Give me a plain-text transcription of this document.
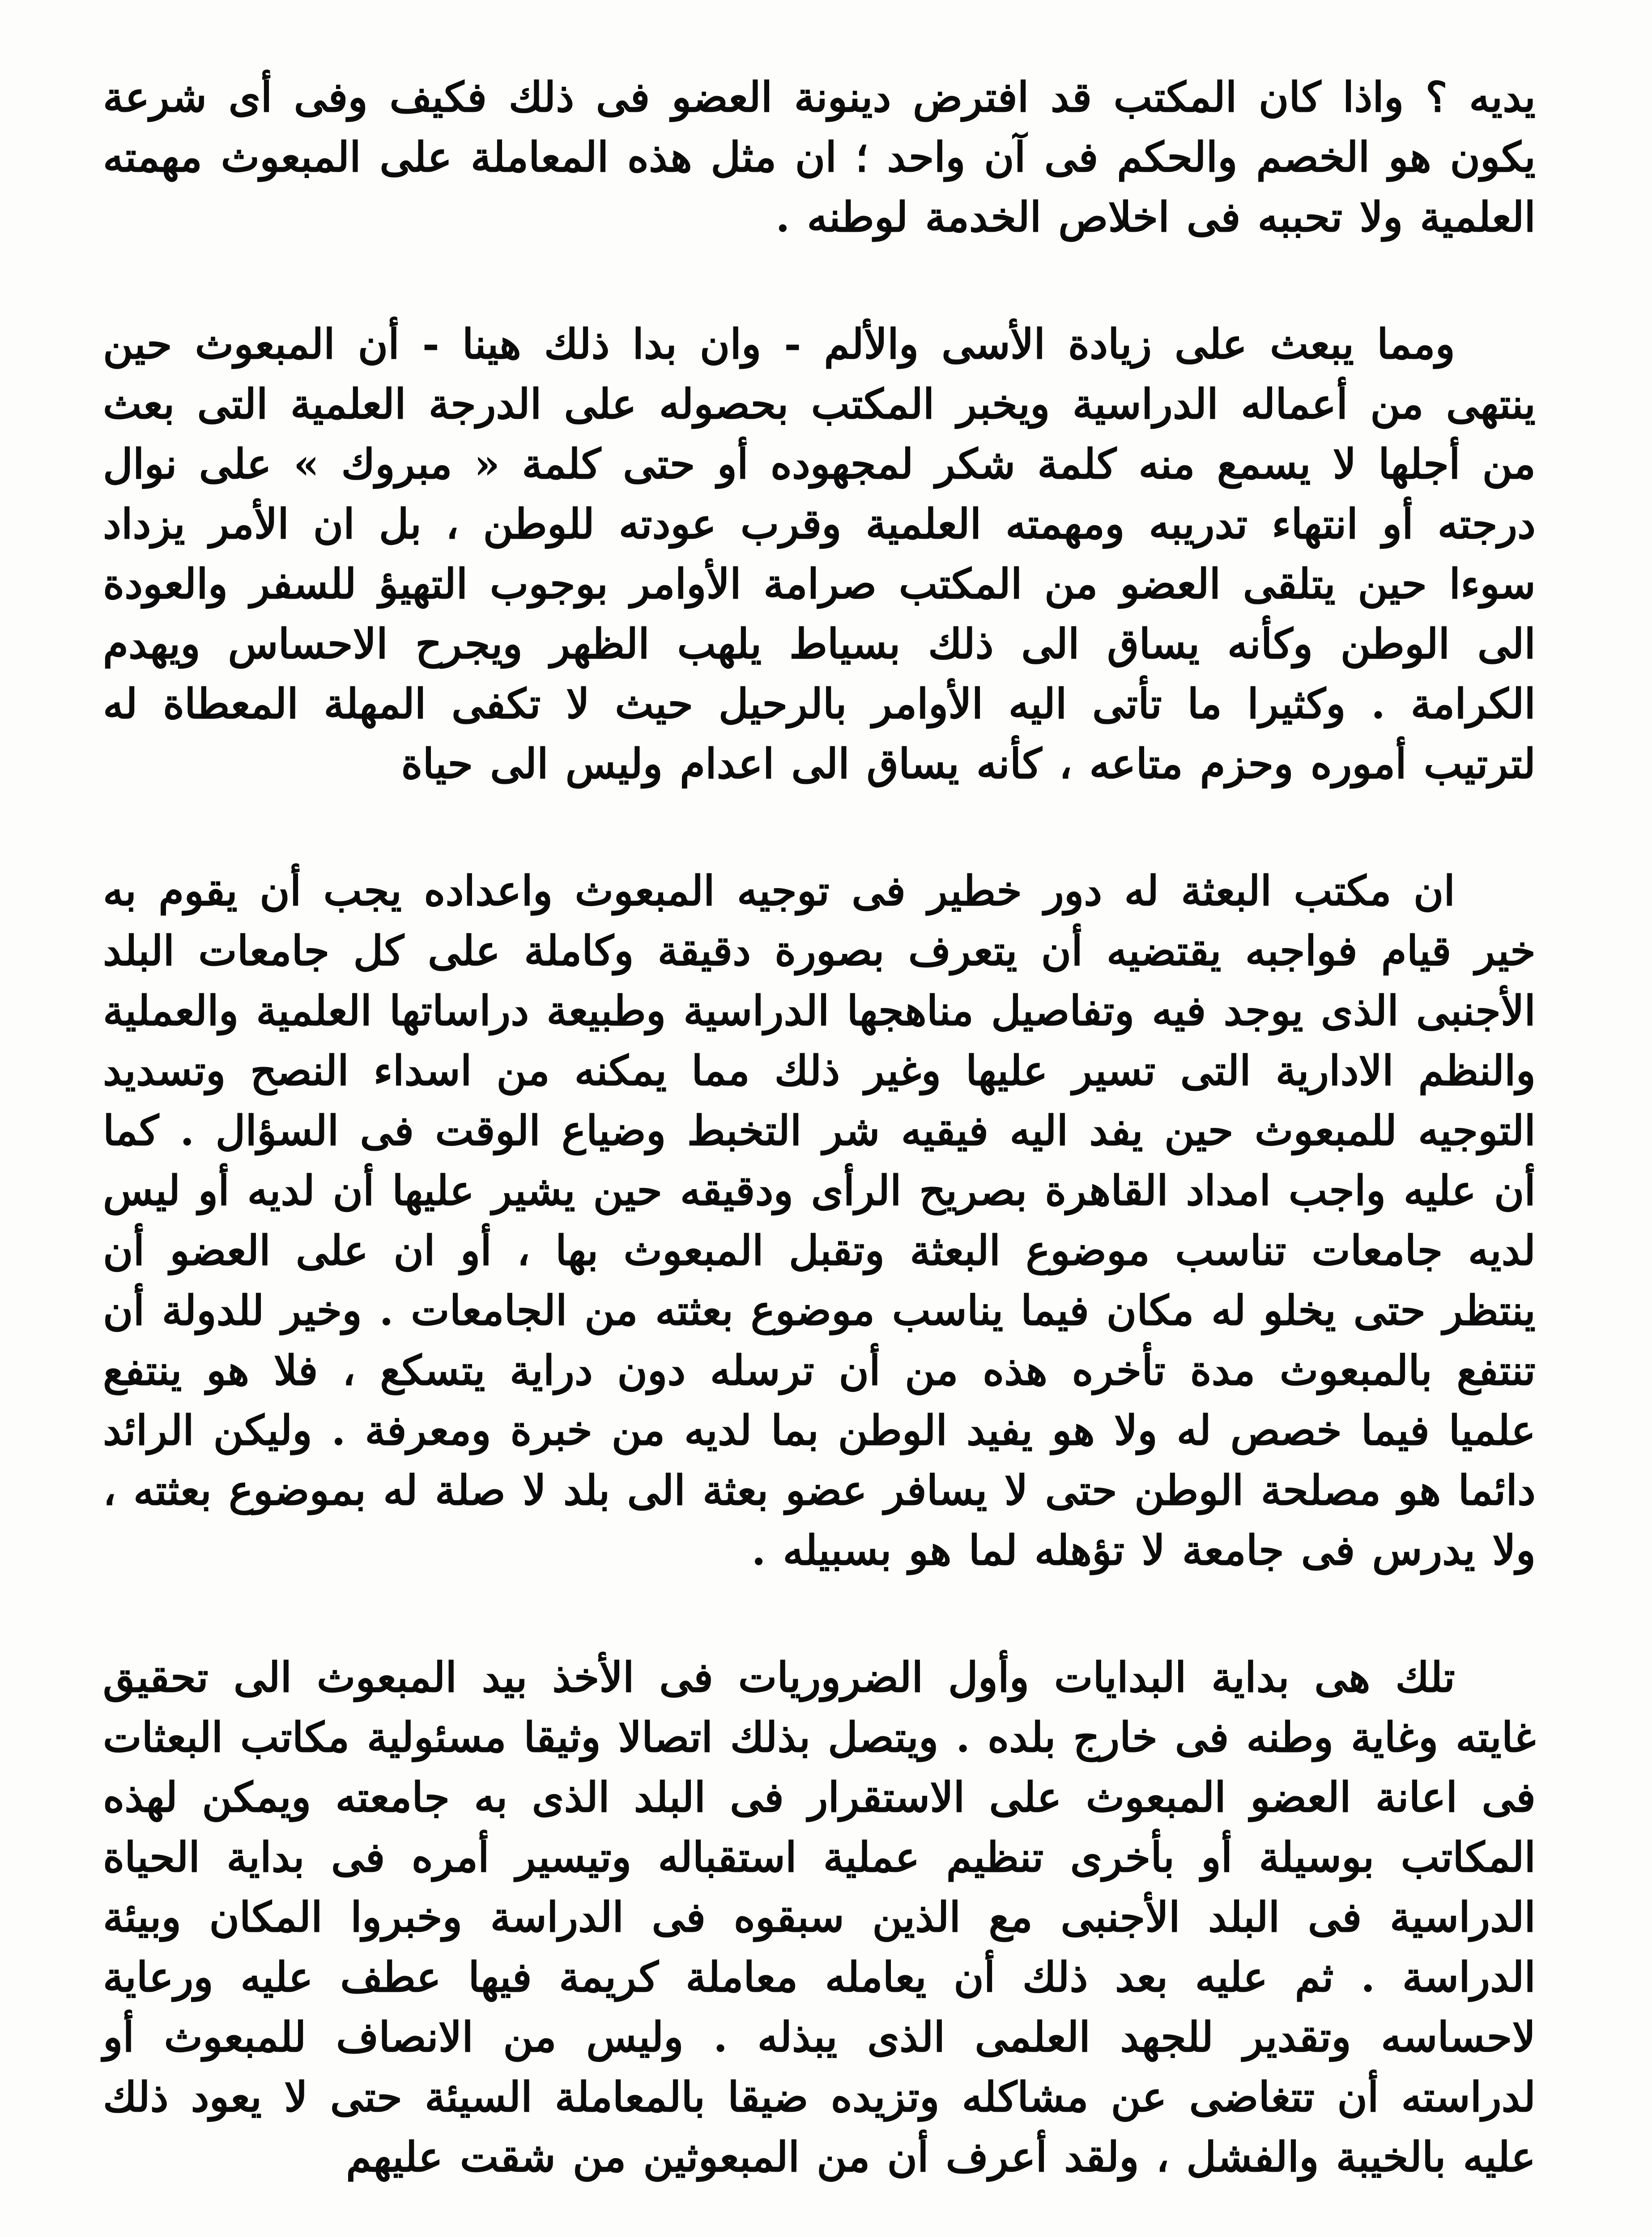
يديه ؟ واذا كان المكتب قد افترض دينونة العضو فى ذلك فكيف وفى أى شرعة يكون هو الخصم والحكم فى آن واحد ؛ ان مثل هذه المعاملة على المبعوث مهمته العلمية ولا تحببه فى اخلاص الخدمة لوطنه .

ومما يبعث على زيادة الأسى والألم - وان بدا ذلك هينا - أن المبعوث حين ينتهى من أعماله الدراسية ويخبر المكتب بحصوله على الدرجة العلمية التى بعث من أجلها لا يسمع منه كلمة شكر لمجهوده أو حتى كلمة « مبروك » على نوال درجته أو انتهاء تدريبه ومهمته العلمية وقرب عودته للوطن ، بل ان الأمر يزداد سوءا حين يتلقى العضو من المكتب صرامة الأوامر بوجوب التهيؤ للسفر والعودة الى الوطن وكأنه يساق الى ذلك بسياط يلهب الظهر ويجرح الاحساس ويهدم الكرامة . وكثيرا ما تأتى اليه الأوامر بالرحيل حيث لا تكفى المهلة المعطاة له لترتيب أموره وحزم متاعه ، كأنه يساق الى اعدام وليس الى حياة

ان مكتب البعثة له دور خطير فى توجيه المبعوث واعداده يجب أن يقوم به خير قيام فواجبه يقتضيه أن يتعرف بصورة دقيقة وكاملة على كل جامعات البلد الأجنبى الذى يوجد فيه وتفاصيل مناهجها الدراسية وطبيعة دراساتها العلمية والعملية والنظم الادارية التى تسير عليها وغير ذلك مما يمكنه من اسداء النصح وتسديد التوجيه للمبعوث حين يفد اليه فيقيه شر التخبط وضياع الوقت فى السؤال . كما أن عليه واجب امداد القاهرة بصريح الرأى ودقيقه حين يشير عليها أن لديه أو ليس لديه جامعات تناسب موضوع البعثة وتقبل المبعوث بها ، أو ان على العضو أن ينتظر حتى يخلو له مكان فيما يناسب موضوع بعثته من الجامعات . وخير للدولة أن تنتفع بالمبعوث مدة تأخره هذه من أن ترسله دون دراية يتسكع ، فلا هو ينتفع علميا فيما خصص له ولا هو يفيد الوطن بما لديه من خبرة ومعرفة . وليكن الرائد دائما هو مصلحة الوطن حتى لا يسافر عضو بعثة الى بلد لا صلة له بموضوع بعثته ، ولا يدرس فى جامعة لا تؤهله لما هو بسبيله .

تلك هى بداية البدايات وأول الضروريات فى الأخذ بيد المبعوث الى تحقيق غايته وغاية وطنه فى خارج بلده . ويتصل بذلك اتصالا وثيقا مسئولية مكاتب البعثات فى اعانة العضو المبعوث على الاستقرار فى البلد الذى به جامعته ويمكن لهذه المكاتب بوسيلة أو بأخرى تنظيم عملية استقباله وتيسير أمره فى بداية الحياة الدراسية فى البلد الأجنبى مع الذين سبقوه فى الدراسة وخبروا المكان وبيئة الدراسة . ثم عليه بعد ذلك أن يعامله معاملة كريمة فيها عطف عليه ورعاية لاحساسه وتقدير للجهد العلمى الذى يبذله . وليس من الانصاف للمبعوث أو لدراسته أن تتغاضى عن مشاكله وتزيده ضيقا بالمعاملة السيئة حتى لا يعود ذلك عليه بالخيبة والفشل ، ولقد أعرف أن من المبعوثين من شقت عليهم
